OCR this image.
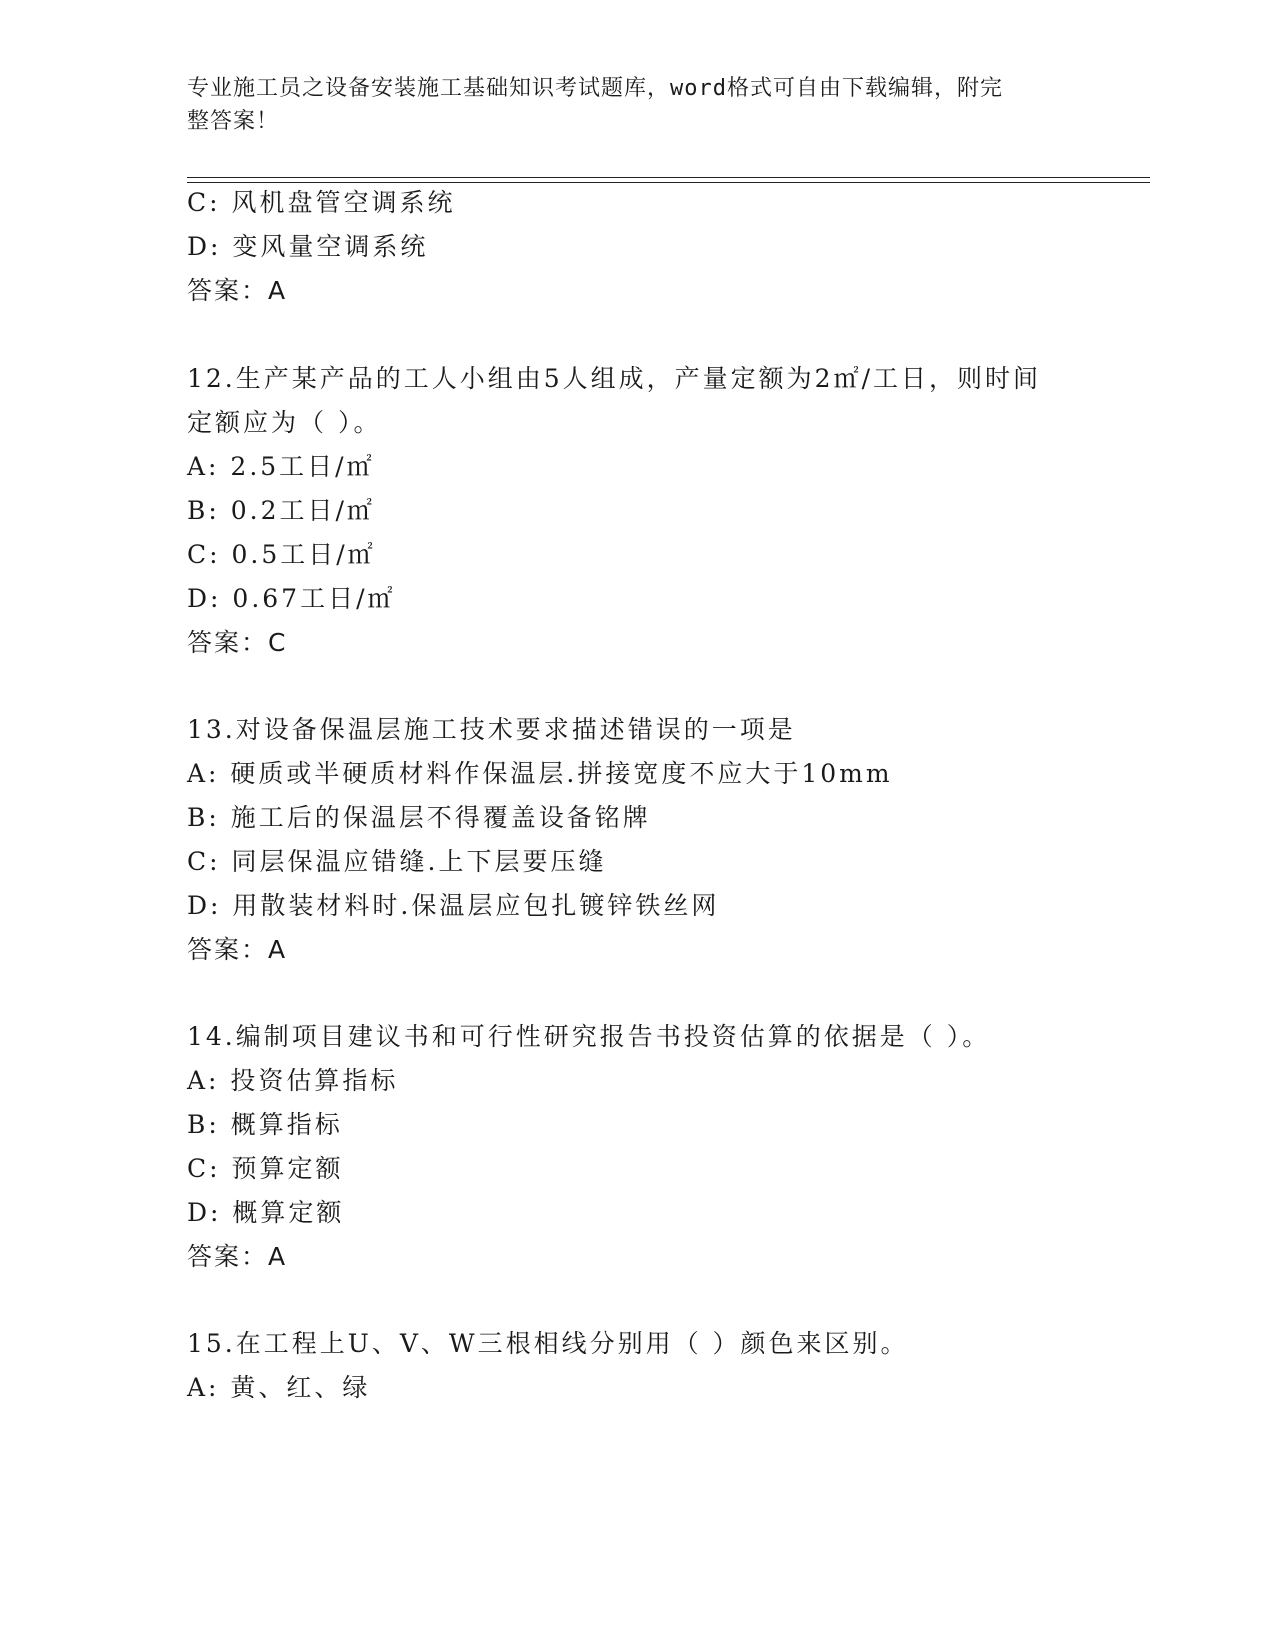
专业施工员之设备安装施工基础知识考试题库，word格式可自由下载编辑，附完
整答案！
C: 风机盘管空调系统
D: 变风量空调系统
答案：A
12.生产某产品的工人小组由5人组成，产量定额为2㎡/工日，则时间
定额应为（ ）。
A: 2.5工日/㎡
B: 0.2工日/㎡
C: 0.5工日/㎡
D: 0.67工日/㎡
答案：C
13.对设备保温层施工技术要求描述错误的一项是
A: 硬质或半硬质材料作保温层.拼接宽度不应大于10mm
B: 施工后的保温层不得覆盖设备铭牌
C: 同层保温应错缝.上下层要压缝
D: 用散装材料时.保温层应包扎镀锌铁丝网
答案：A
14.编制项目建议书和可行性研究报告书投资估算的依据是（ ）。
A: 投资估算指标
B: 概算指标
C: 预算定额
D: 概算定额
答案：A
15.在工程上U、V、W三根相线分别用（ ）颜色来区别。
A: 黄、红、绿
